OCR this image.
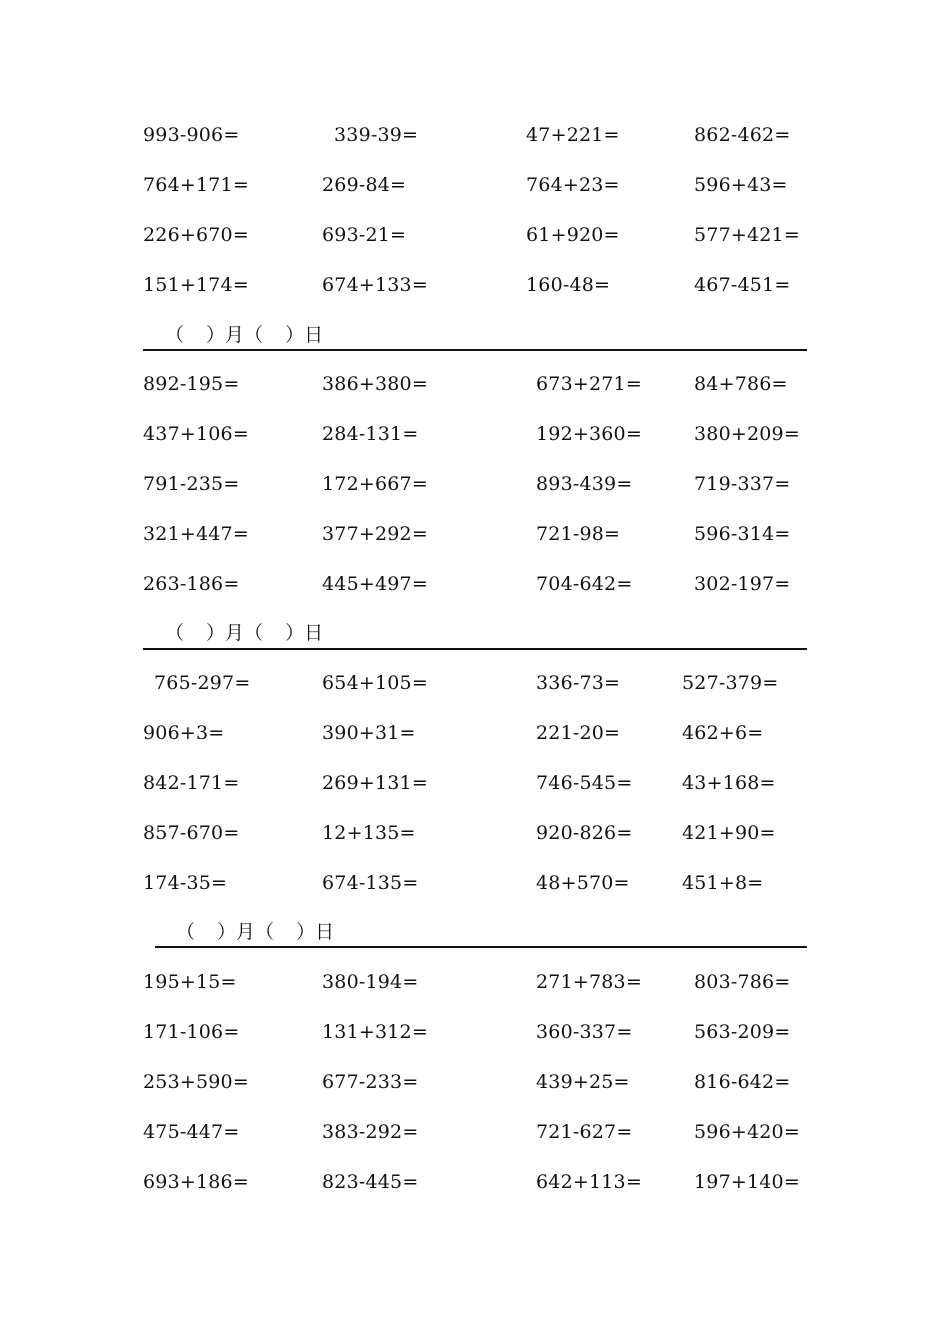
993-906=	339-39=	47+221=	862-462=
764+171=	269-84=	764+23=	596+43=
226+670=	693-21=	61+920=	577+421=
151+174=	674+133=	160-48=	467-451=
（ ）月（ ）日
892-195=	386+380=	673+271=	84+786=
437+106=	284-131=	192+360=	380+209=
791-235=	172+667=	893-439=	719-337=
321+447=	377+292=	721-98=	596-314=
263-186=	445+497=	704-642=	302-197=
（ ）月（ ）日
765-297=	654+105=	336-73=	527-379=
906+3=	390+31=	221-20=	462+6=
842-171=	269+131=	746-545=	43+168=
857-670=	12+135=	920-826=	421+90=
174-35=	674-135=	48+570=	451+8=
（ ）月（ ）日
195+15=	380-194=	271+783=	803-786=
171-106=	131+312=	360-337=	563-209=
253+590=	677-233=	439+25=	816-642=
475-447=	383-292=	721-627=	596+420=
693+186=	823-445=	642+113=	197+140=
